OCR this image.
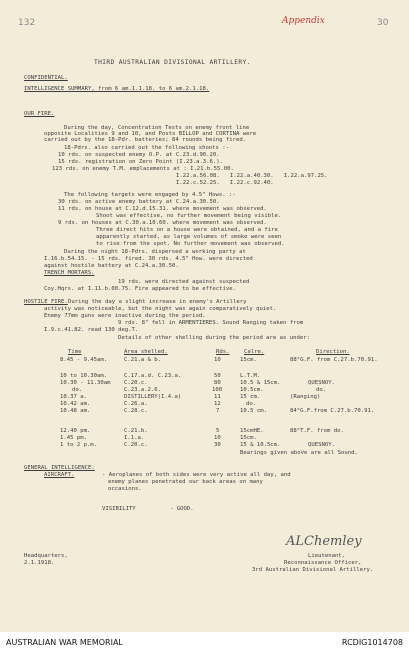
132	Appendix	30
THIRD AUSTRALIAN DIVISIONAL ARTILLERY.
CONFIDENTIAL.
INTELLIGENCE SUMMARY, from 6 am.1.1.18. to 6 am.2.1.18.
OUR FIRE.
During the day, Concentration Tests on enemy front line
opposite Localities 9 and 10, and Posts BILLOP and CORTINA were
carried out by the 18-Pdr. batteries; 84 rounds being fired.
18-Pdrs. also carried out the following shoots :-
10 rds. on suspected enemy O.P. at C.23.d.90.20.
15 rds. registration on Zero Point (I.23.a.3.6.).
123 rds. on enemy T.M. emplacements at : I.21.b.55.00.
I.22.a.56.08.   I.22.a.40.30.   I.22.a.97.25.
I.22.c.52.25.   I.22.c.92.40.
The following targets were engaged by 4.5" Hows. :-
30 rds. on active enemy battery at C.24.a.30.50.
11 rds. on house at C.12.d.15.31. where movement was observed.
Shoot was effective, no further movement being visible.
9 rds. on houses at C.30.a.10.60. where movement was observed.
Three direct hits on a house were obtained, and a fire
apparently started, as large volumes of smoke were seen
to rise from the spot. No further movement was observed.
During the night 18-Pdrs. dispersed a working party at
I.16.b.54.15. - 15 rds. fired. 30 rds. 4.5" How. were directed
against hostile battery at C.24.a.30.50.
TRENCH MORTARS.
19 rds. were directed against suspected
Coy.Hqrs. at I.11.b.00.75. Fire appeared to be effective.
HOSTILE FIRE. During the day a slight increase in enemy's Artillery
activity was noticeable, but the night was again comparatively quiet.
Enemy 77mm guns were inactive during the period.
9 rds. 8" fell in ARMENTIERES. Sound Ranging taken from
I.9.c.41.82. read 130 deg.T.
Details of other shelling during the period are as under:
Time	Area shelled.	Rds.	Calre.	Direction.
8.45 - 9.45am.	C.21.a & b.	10	15cm.	88°G.F. from C.27.b.70.91.
10 to 10.30am.	C.17.a.d. C.23.a.	50	L.T.M.
10.30 - 11.30am C.20.c.	80	10.5 & 15cm.	QUESNOY.
do.	C.23.a.2.6.	100	10.5cm.	do.
10.37 a.	DISTILLERY(I.4.a)	11	15 cm.	(Ranging)
10.42 am.	C.26.a.	12	do.
10.48 am.	C.28.c.	7	10.5 cm.	84°G.F.from C.27.b.70.91.
12.40 pm.	C.21.b.	5	15cmHE.	88°T.F. from do.
1.45 pm.	I.1.a.	10	15cm.
1 to 2 p.m.	C.20.c.	30	15 & 10.5cm.	QUESNOY.
Bearings given above are all Sound.
GENERAL INTELLIGENCE.
AIRCRAFT.	- Aeroplanes of both sides were very active all day, and
enemy planes penetrated our back areas on many
occasions.
VISIBILITY	- GOOD.
ALChemley
Headquarters,
2.1.1918.
Lieutenant,
Reconnaissance Officer,
3rd Australian Divisional Artillery.
AUSTRALIAN WAR MEMORIAL	RCDIG1014708
